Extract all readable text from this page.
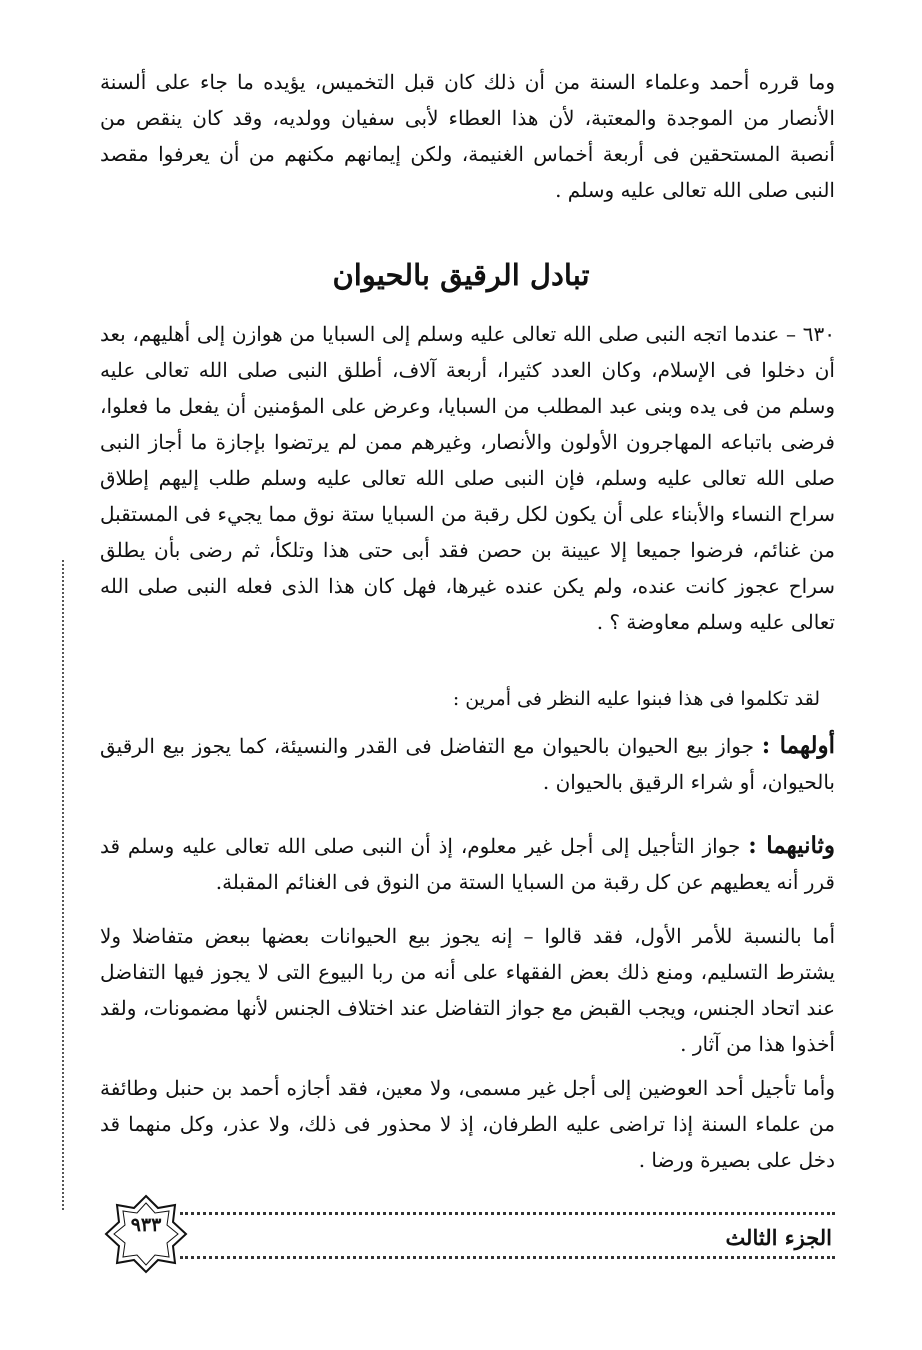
وما قرره أحمد وعلماء السنة من أن ذلك كان قبل التخميس، يؤيده ما جاء على ألسنة الأنصار من الموجدة والمعتبة، لأن هذا العطاء لأبى سفيان وولديه، وقد كان ينقص من أنصبة المستحقين فى أربعة أخماس الغنيمة، ولكن إيمانهم مكنهم من أن يعرفوا مقصد النبى صلى الله تعالى عليه وسلم .

تبادل الرقيق بالحيوان

٦٣٠ – عندما اتجه النبى صلى الله تعالى عليه وسلم إلى السبايا من هوازن إلى أهليهم، بعد أن دخلوا فى الإسلام، وكان العدد كثيرا، أربعة آلاف، أطلق النبى صلى الله تعالى عليه وسلم من فى يده وبنى عبد المطلب من السبايا، وعرض على المؤمنين أن يفعل ما فعلوا، فرضى باتباعه المهاجرون الأولون والأنصار، وغيرهم ممن لم يرتضوا بإجازة ما أجاز النبى صلى الله تعالى عليه وسلم، فإن النبى صلى الله تعالى عليه وسلم طلب إليهم إطلاق سراح النساء والأبناء على أن يكون لكل رقبة من السبايا ستة نوق مما يجيء فى المستقبل من غنائم، فرضوا جميعا إلا عيينة بن حصن فقد أبى حتى هذا وتلكأ، ثم رضى بأن يطلق سراح عجوز كانت عنده، ولم يكن عنده غيرها، فهل كان هذا الذى فعله النبى صلى الله تعالى عليه وسلم معاوضة ؟ .

لقد تكلموا فى هذا فبنوا عليه النظر فى أمرين :

أولهما : جواز بيع الحيوان بالحيوان مع التفاضل فى القدر والنسيئة، كما يجوز بيع الرقيق بالحيوان، أو شراء الرقيق بالحيوان .

وثانيهما : جواز التأجيل إلى أجل غير معلوم، إذ أن النبى صلى الله تعالى عليه وسلم قد قرر أنه يعطيهم عن كل رقبة من السبايا الستة من النوق فى الغنائم المقبلة.

أما بالنسبة للأمر الأول، فقد قالوا – إنه يجوز بيع الحيوانات بعضها ببعض متفاضلا ولا يشترط التسليم، ومنع ذلك بعض الفقهاء على أنه من ربا البيوع التى لا يجوز فيها التفاضل عند اتحاد الجنس، ويجب القبض مع جواز التفاضل عند اختلاف الجنس لأنها مضمونات، ولقد أخذوا هذا من آثار .

وأما تأجيل أحد العوضين إلى أجل غير مسمى، ولا معين، فقد أجازه أحمد بن حنبل وطائفة من علماء السنة إذا تراضى عليه الطرفان، إذ لا محذور فى ذلك، ولا عذر، وكل منهما قد دخل على بصيرة ورضا .

٩٣٣	الجزء الثالث
